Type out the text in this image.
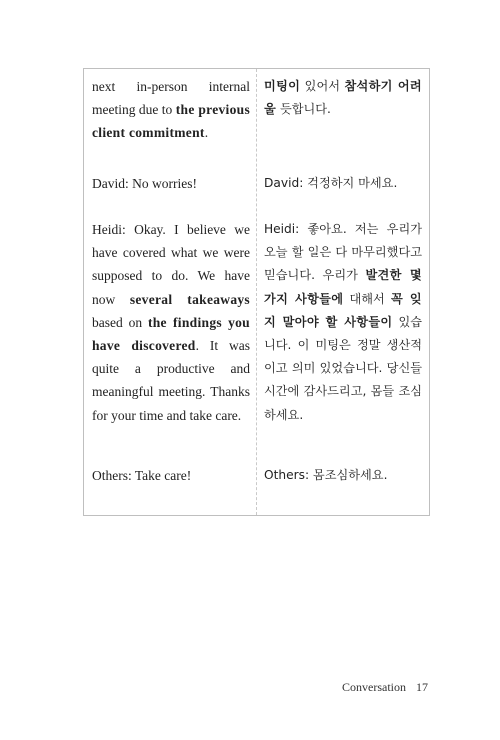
next in-person internal meeting due to the previous client commitment.
David: No worries!
Heidi: Okay. I believe we have covered what we were supposed to do. We have now several takeaways based on the findings you have discovered. It was quite a productive and meaningful meeting. Thanks for your time and take care.
Others: Take care!
미팅이 있어서 참석하기 어려울 듯합니다.
David: 걱정하지 마세요.
Heidi: 좋아요. 저는 우리가 오늘 할 일은 다 마무리했다고 믿습니다. 우리가 발견한 몇 가지 사항들에 대해서 꼭 잊지 말아야 할 사항들이 있습니다. 이 미팅은 정말 생산적이고 의미 있었습니다. 당신들 시간에 감사드리고, 몸들 조심하세요.
Others: 몸조심하세요.
Conversation 17
